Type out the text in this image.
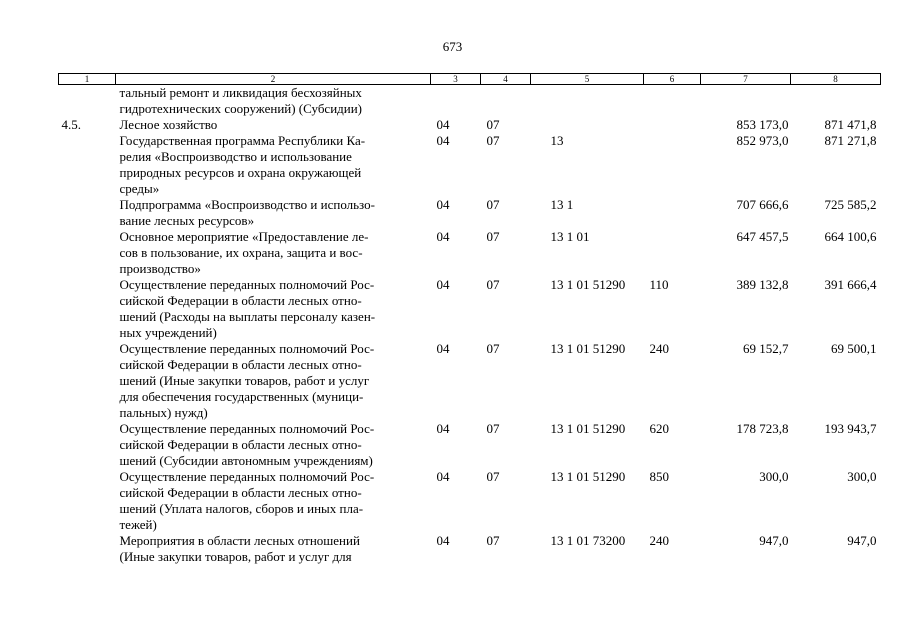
673
1	2	3	4	5	6	7	8

	тальный ремонт и ликвидация бесхозяйных
гидротехнических сооружений) (Субсидии)						

4.5.	Лесное хозяйство	04	07			853 173,0	871 471,8

	Государственная программа Республики Ка-
релия «Воспроизводство и использование
природных ресурсов и охрана окружающей
среды»	04	07	13		852 973,0	871 271,8

	Подпрограмма «Воспроизводство и использо-
вание лесных ресурсов»	04	07	13 1		707 666,6	725 585,2

	Основное мероприятие «Предоставление ле-
сов в пользование, их охрана, защита и вос-
производство»	04	07	13 1 01		647 457,5	664 100,6

	Осуществление переданных полномочий Рос-
сийской Федерации в области лесных отно-
шений (Расходы на выплаты персоналу казен-
ных учреждений)	04	07	13 1 01 51290	110	389 132,8	391 666,4

	Осуществление переданных полномочий Рос-
сийской Федерации в области лесных отно-
шений (Иные закупки товаров, работ и услуг
для обеспечения государственных (муници-
пальных) нужд)	04	07	13 1 01 51290	240	69 152,7	69 500,1

	Осуществление переданных полномочий Рос-
сийской Федерации в области лесных отно-
шений (Субсидии автономным учреждениям)	04	07	13 1 01 51290	620	178 723,8	193 943,7

	Осуществление переданных полномочий Рос-
сийской Федерации в области лесных отно-
шений (Уплата налогов, сборов и иных пла-
тежей)	04	07	13 1 01 51290	850	300,0	300,0

	Мероприятия в области лесных отношений
(Иные закупки товаров, работ и услуг для	04	07	13 1 01 73200	240	947,0	947,0
